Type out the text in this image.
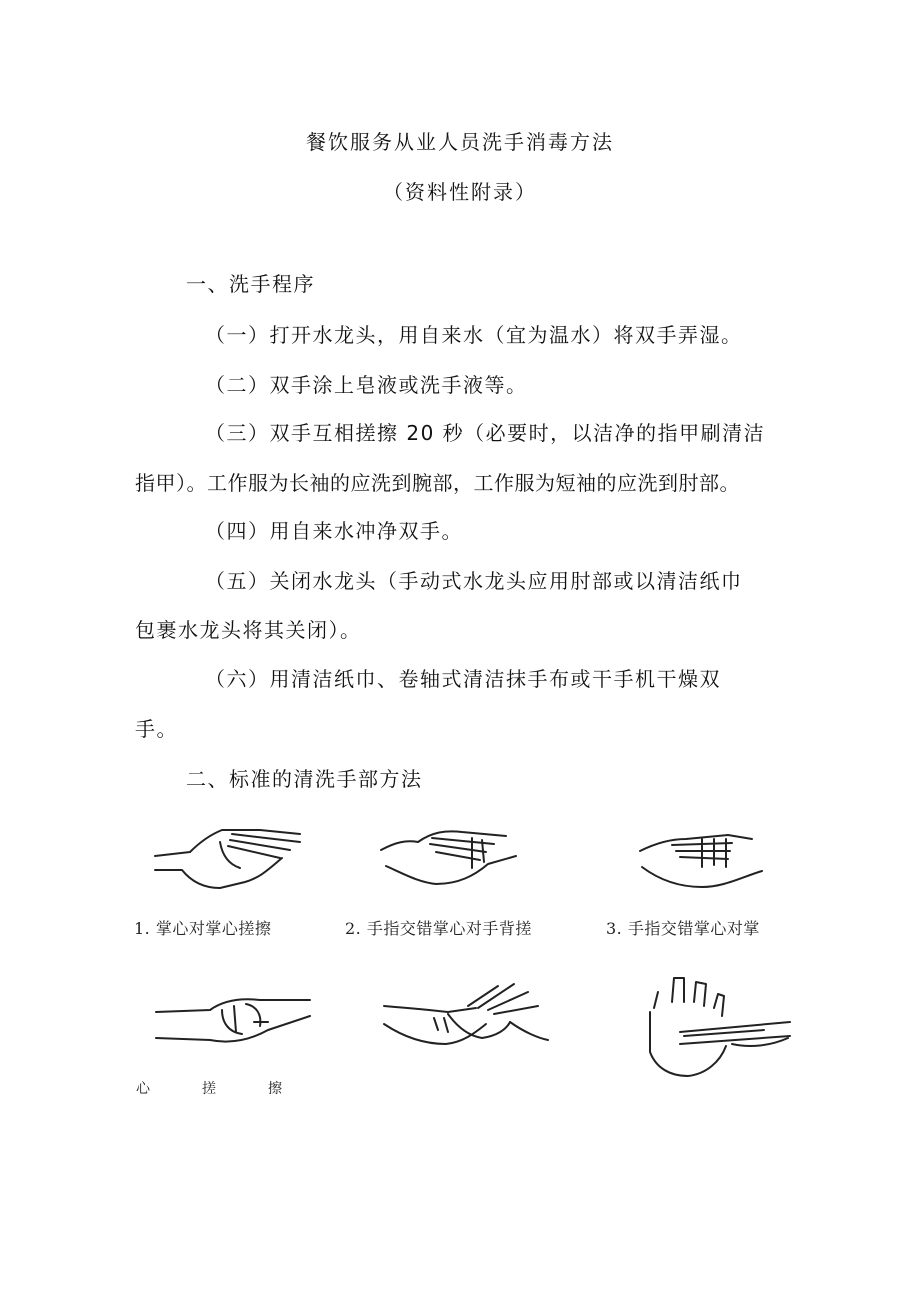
餐饮服务从业人员洗手消毒方法
（资料性附录）
一、洗手程序
（一）打开水龙头，用自来水（宜为温水）将双手弄湿。
（二）双手涂上皂液或洗手液等。
（三）双手互相搓擦 20 秒（必要时，以洁净的指甲刷清洁
指甲）。工作服为长袖的应洗到腕部，工作服为短袖的应洗到肘部。
（四）用自来水冲净双手。
（五）关闭水龙头（手动式水龙头应用肘部或以清洁纸巾
包裹水龙头将其关闭）。
（六）用清洁纸巾、卷轴式清洁抹手布或干手机干燥双
手。
二、标准的清洗手部方法
1. 掌心对掌心搓擦	2. 手指交错掌心对手背搓	3. 手指交错掌心对掌
心	搓	擦
